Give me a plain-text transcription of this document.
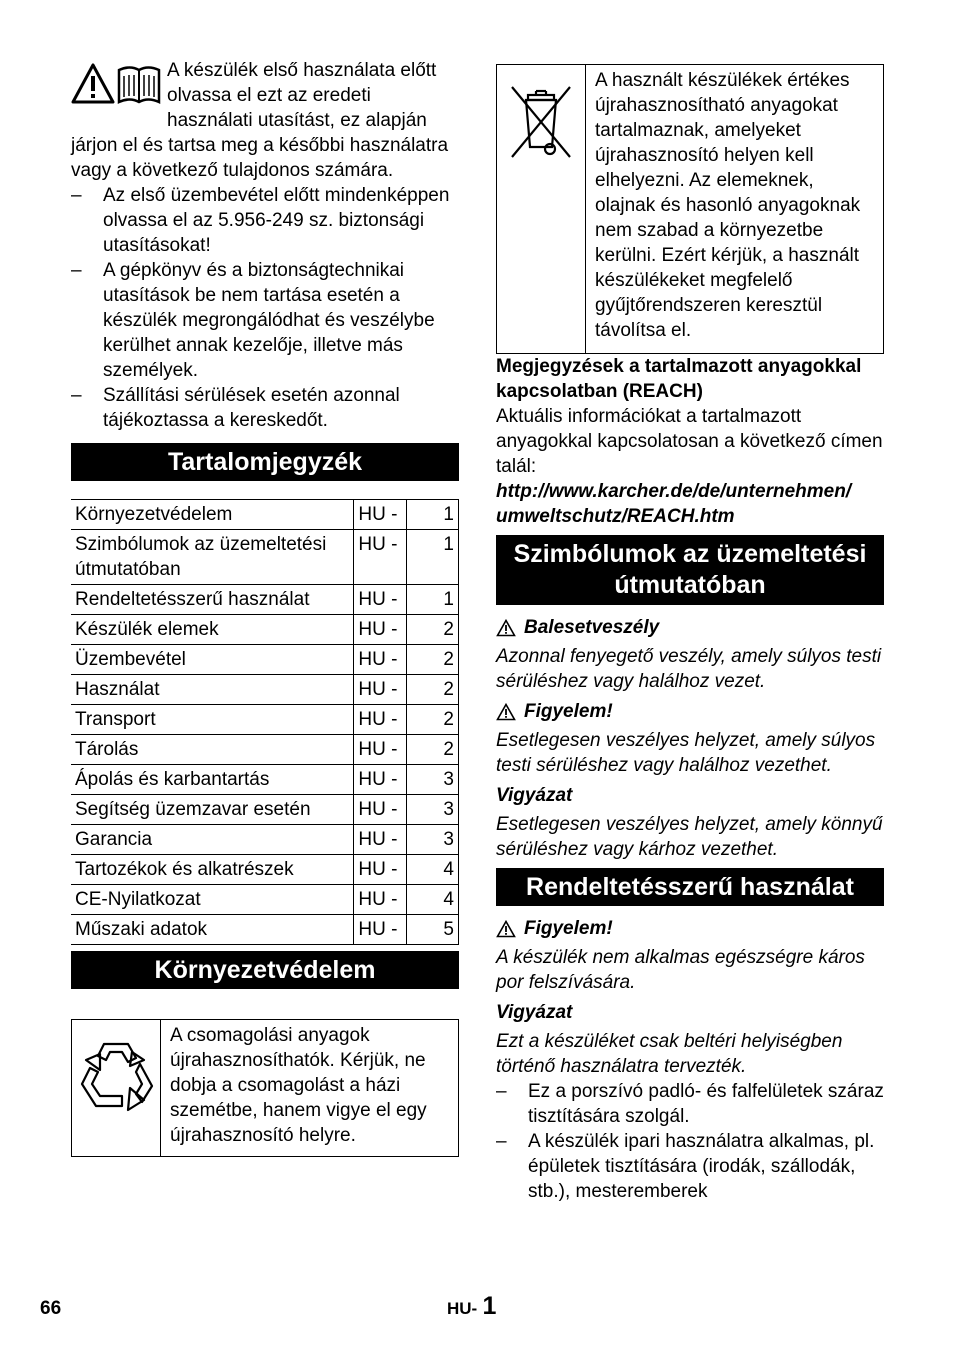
A készülék első használata előtt olvassa el ezt az eredeti használati utasítást, ez alapján járjon el és tartsa meg a későbbi használatra vagy a következő tulajdonos számára.

– Az első üzembevétel előtt mindenképpen olvassa el az 5.956-249 sz. biztonsági utasításokat!
– A gépkönyv és a biztonságtechnikai utasítások be nem tartása esetén a készülék megrongálódhat és veszélybe kerülhet annak kezelője, illetve más személyek.
– Szállítási sérülések esetén azonnal tájékoztassa a kereskedőt.
Tartalomjegyzék
Környezetvédelem	HU -	1
Szimbólumok az üzemeltetési útmutatóban	HU -	1
Rendeltetésszerű használat	HU -	1
Készülék elemek	HU -	2
Üzembevétel	HU -	2
Használat	HU -	2
Transport	HU -	2
Tárolás	HU -	2
Ápolás és karbantartás	HU -	3
Segítség üzemzavar esetén	HU -	3
Garancia	HU -	3
Tartozékok és alkatrészek	HU -	4
CE-Nyilatkozat	HU -	4
Műszaki adatok	HU -	5
Környezetvédelem
A csomagolási anyagok újrahasznosíthatók. Kérjük, ne dobja a csomagolást a házi szemétbe, hanem vigye el egy újrahasznosító helyre.
A használt készülékek értékes újrahasznosítható anyagokat tartalmaznak, amelyeket újrahasznosító helyen kell elhelyezni. Az elemeknek, olajnak és hasonló anyagoknak nem szabad a környezetbe kerülni. Ezért kérjük, a használt készülékeket megfelelő gyűjtőrendszeren keresztül távolítsa el.

Megjegyzések a tartalmazott anyagokkal kapcsolatban (REACH)

Aktuális információkat a tartalmazott anyagokkal kapcsolatosan a következő címen talál:

http://www.karcher.de/de/unternehmen/ umweltschutz/REACH.htm

Szimbólumok az üzemeltetési útmutatóban
Balesetveszély

Azonnal fenyegető veszély, amely súlyos testi sérüléshez vagy halálhoz vezet.

Figyelem!

Esetlegesen veszélyes helyzet, amely súlyos testi sérüléshez vagy halálhoz vezethet.

Vigyázat

Esetlegesen veszélyes helyzet, amely könnyű sérüléshez vagy kárhoz vezethet.

Rendeltetésszerű használat
Figyelem!

A készülék nem alkalmas egészségre káros por felszívására.

Vigyázat

Ezt a készüléket csak beltéri helyiségben történő használatra tervezték.

– Ez a porszívó padló- és falfelületek száraz tisztítására szolgál.
– A készülék ipari használatra alkalmas, pl. épületek tisztítására (irodák, szállodák, stb.), mesteremberek
66	HU- 1
